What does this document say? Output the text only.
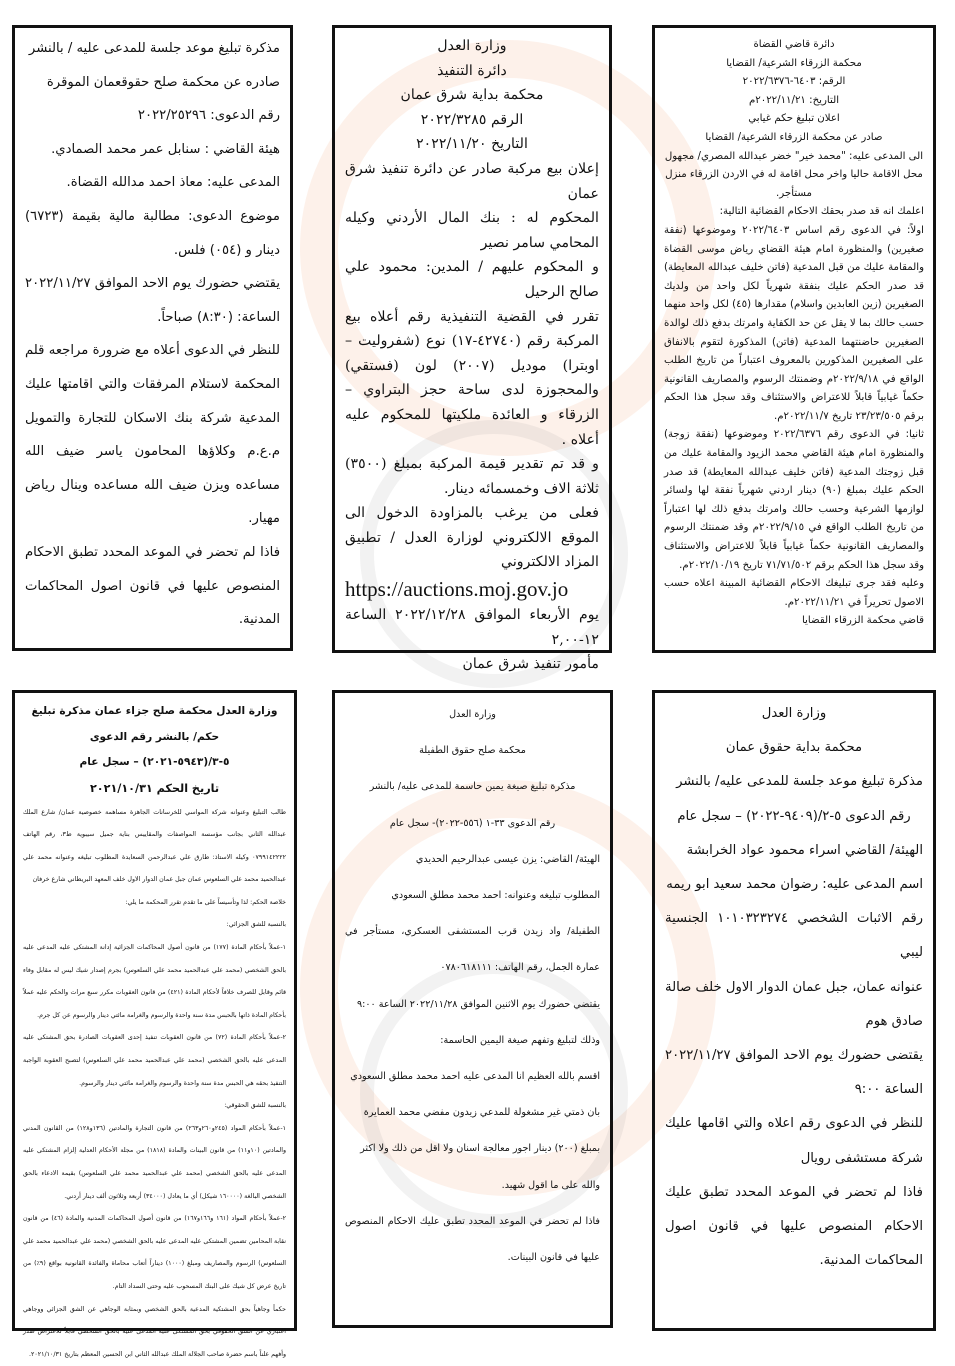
دائرة قاضي القضاة

محكمة الزرقاء الشرعية/ القضايا

الرقم: ٦٤٠٣-٢٠٢٢/٦٣٧٦

التاريخ: ٢٠٢٢/١١/٢١م

اعلان تبليغ حكم غيابي

صادر عن محكمة الزرقاء الشرعية/ القضايا

الى المدعى عليه: "محمد خير" خضر عبدالله المصري/ مجهول محل الاقامة حاليا واخر محل اقامة له في الاردن الزرقاء منزل مستأجر.

اعلمك انه قد صدر بحقك الاحكام القضائية التالية:

اولاً: في الدعوى رقم اساس ٢٠٢٢/٦٤٠٣ وموضوعها (نفقة صغيرين) والمنظورة امام هيئة القضاي رياض موسى القضاة والمقامة عليك من قبل المدعية (فاتن خليف عبدالله المعايطة) قد صدر الحكم عليك بنفقة شهرياً لكل واحد من ولديك الصغيرين (زين العابدين واسلام) مقدارها (٤٥) لكل واحد منهما حسب حالك بما لا يقل عن حد الكفاية وامرتك بدفع ذلك لوالدة الصغيرين حاضنتهما المدعية (فاتن) المذكورة لتقوم بالانفاق على الصغيرين المذكورين بالمعروف اعتباراً من تاريخ الطلب الواقع في ٢٠٢٢/٩/١٨م وضمنتك الرسوم والمصاريف القانونية حكماً غيابياً قابلاً للاعتراض والاستئناف وقد سجل هذا الحكم برقم ٢٣/٢٣/٥٠٥ تاريخ ٢٠٢٢/١١/٧م.

ثانيا: في الدعوى رقم ٢٠٢٢/٦٣٧٦ وموضوعها (نفقة زوجة) والمنظورة امام هيئة القاضي محمد الزيود والمقامة عليك من قبل زوجتك المدعية (فاتن خليف عبدالله المعايطة) قد صدر الحكم عليك بمبلغ (٩٠) دينار اردني شهرياً نفقة لها ولسائر لوازمها الشرعية وحسب حالك وامرتك بدفع ذلك لها اعتباراً من تاريخ الطلب الواقع في ٢٠٢٢/٩/١٥م وقد ضمنتك الرسوم والمصاريف القانونية حكماً غيابياً قابلاً للاعتراض والاستئناف وقد سجل هذا الحكم برقم ٧١/٧١/٥٠٢ تاريخ ٢٠٢٢/١٠/١٩م.

وعليه فقد جرى تبليغك الاحكام القضائية المبينة اعلاه حسب الاصول تحريراً في ٢٠٢٢/١١/٢١م.

قاضي محكمة الزرقاء القضايا

وزارة العدل

دائرة التنفيذ

محكمة بداية شرق عمان

الرقم ٢٠٢٢/٣٢٨٥

التاريخ ٢٠٢٢/١١/٢٠

إعلان بيع مركبة صادر عن دائرة تنفيذ شرق عمان

المحكوم له : بنك المال الأردني وكيله المحامي سامر نصير

و المحكوم عليهم / المدين: محمود علي صالح الرحيل

تقرر في القضية التنفيذية رقم أعلاه بيع المركبة رقم (٤٢٧٤٠-١٧) نوع (شفروليت – اوبترا) موديل (٢٠٠٧) لون (فستقي) والمحجوزة لدى ساحة حجز البتراوي – الزرقاء و العائدة ملكيتها للمحكوم عليه أعلاه .

و قد تم تقدير قيمة المركبة بمبلغ (٣٥٠٠) ثلاثة الاف وخمسمائه دينار.

فعلى من يرغب بالمزاودة الدخول الى الموقع الالكتروني لوزارة العدل / تطبيق المزاد الالكتروني

https://auctions.moj.gov.jo

يوم الأربعاء الموافق ٢٠٢٢/١٢/٢٨ الساعة ١٢-٢,٠٠

مأمور تنفيذ شرق عمان

مذكرة تبليغ موعد جلسة للمدعى عليه / بالنشر

صادره عن محكمة صلح حقوقعمان الموقرة

رقم الدعوى: ٢٠٢٢/٢٥٢٩٦

هيئة القاضي : سنابل عمر محمد الصمادي.

المدعى عليه: معاذ احمد مدالله القضاة.

موضوع الدعوى: مطالبة مالية بقيمة (٦٧٢٣) دينار و (٠٥٤) فلس.

يقتضي حضورك يوم الاحد الموافق ٢٠٢٢/١١/٢٧ الساعة: (٨:٣٠) صباحاً.

للنظر في الدعوى أعلاه مع ضرورة مراجعه قلم المحكمة لاستلام المرفقات والتي اقامتها عليك المدعية شركة بنك الاسكان للتجارة والتمويل م.ع.م وكلاؤها المحامون ياسر ضيف الله مساعده ويزن ضيف الله مساعده وينال رياض مهيار.

فاذا لم تحضر في الموعد المحدد تطبق الاحكام المنصوص عليها في قانون اصول المحاكمات المدنية.

وزارة العدل

محكمة بداية حقوق عمان

مذكرة تبليغ موعد جلسة للمدعى عليه/ بالنشر

رقم الدعوى ٥-٢/(٩٤٠٩-٢٠٢٢) – سجل عام

الهيئة/ القاضي اسراء محمود عواد الخرابشة

اسم المدعى عليه: رضوان محمد سعيد ابو ريمه

رقم الاثبات الشخصي ١٠١٠٣٢٣٢٧٤ الجنسية ليبي

عنوانه عمان، جبل عمان الدوار الاول خلف صالة صادق هوم

يقتضى حضورك يوم الاحد الموافق ٢٠٢٢/١١/٢٧ الساعة ٩:٠٠

للنظر في الدعوى رقم اعلاه والتي اقامها عليك شركة مستشفى رويال

فاذا لم تحضر في الموعد المحدد تطبق عليك الاحكام المنصوص عليها في قانون اصول المحاكمات المدنية.

وزارة العدل

محكمة صلح حقوق الطفيلة

مذكرة تبليغ صيغة يمين حاسمة للمدعى عليه/ بالنشر

رقم الدعوى ٣٣-١ (٥٥٦-٢٠٢٢)- سجل عام

الهيئة/ القاضي: يزن عيسى عبدالرحيم الحديدي

المطلوب تبليغه وعنوانه: احمد محمد مطلق السعودي

الطفيلة/ واد زيدن قرب المستشفى العسكري، مستأجر في عمارة الجمل، رقم الهاتف: ٠٧٨٠٦١٨١١١

يقتضي حضورك يوم الاثنين الموافق ٢٠٢٢/١١/٢٨ الساعة ٩:٠٠

وذلك لتبليغ وتفهم صيغة اليمين الحاسمة:

اقسم بالله العظيم انا المدعى عليه احمد محمد مطلق السعودي

بان ذمتي غير مشغولة للمدعي زيدون مفضي محمد العمايرة

بمبلغ (٢٠٠) دينار اجور معالجة اسنان ولا اقل من ذلك ولا اكثر

والله على ما اقول شهيد.

فاذا لم تحضر في الموعد المحدد تطبق عليك الاحكام المنصوص عليها في قانون البينات.

وزارة العدل محكمة صلح جزاء عمان مذكرة تبليغ حكم/ بالنشر رقم الدعوى

٥-٣/(٥٩٤٣-٢٠٢١) – سجل عام

تاريخ الحكم ٢٠٢١/١٠/٣١

طالب التبليغ وعنوانه شركة المواسي للخرسانات الجاهزة مساهمة خصوصية عمان/ شارع الملك عبدالله الثاني بجانب مؤسسة المواصفات والمقاييس بناية جميل سيبوية ط٣، رقم الهاتف ٠٧٩٩١٤٢٢٢٢ وكيله الاستاذ: طارق علي عبدالرحمن السعايدة المطلوب تبليغه وعنوانه محمد علي عبدالحميد محمد علي السلعوس عمان جبل عمان الدوار الاول خلف المعهد البريطاني شارع خرفان

خلاصة الحكم: لذا وتأسيساً على ما تقدم تقرر المحكمة ما يلي:

بالنسبة للشق الجزائي:

١-عملاً بأحكام المادة (١٧٧) من قانون أصول المحاكمات الجزائية إدانة المشتكى عليه المدعى عليه بالحق الشخصي (محمد علي عبدالحميد محمد علي السلعوس) بجرم إصدار شيك ليس له مقابل وفاء قائم وقابل للصرف خلافاً لأحكام المادة (٤٢١) من قانون العقوبات مكرر سبع مرات والحكم عليه عملاً بأحكام المادة ذاتها بالحبس مدة سنة واحدة والرسوم والغرامة مائتي دينار والرسوم عن كل جرم.

٢-عملاً بأحكام المادة (٧٢) من قانون العقوبات تنفيذ إحدى العقوبات الصادرة بحق المشتكى عليه المدعى عليه بالحق الشخصي (محمد علي عبدالحميد محمد علي السلعوس) لتصبح العقوبة الواجبة التنفيذ بحقه هي الحبس مدة سنة واحدة والرسوم والغرامة مائتي دينار والرسوم.

بالنسبة للشق الحقوقي:

١-عملاً بأحكام المواد (٢٤٥و٢٦٠و٢٦٣) من قانون التجارة والمادتين (١٣٦و١٢٨) من القانون المدني والمادتين (١٠و١١) من قانون البينات والمادة (١٨١٨) من مجلة الأحكام العدلية إلزام المشتكى عليه المدعى عليه بالحق الشخصي (محمد علي عبدالحميد محمد علي السلعوس) بقيمة الادعاء بالحق الشخصي البالغة (١٦٠٠٠٠ شيكل) أي ما يعادل (٣٤٠٠٠) أربعة وثلاثون ألف دينار أردني.

٢-عملاً بأحكام المواد (١٦١ و١٦٦و١٦٧) من قانون أصول المحاكمات المدنية والمادة (٤٦) من قانون نقابة المحامين تضمين المشتكى عليه المدعى عليه بالحق الشخصي (محمد علي عبدالحميد محمد علي السلعوس) الرسوم والمصاريف ومبلغ (١٠٠٠) ديناراً أتعاب محاماة والفائدة القانونية بواقع (٩٪) من تاريخ عرض كل شيك على البنك المسحوب عليه وحتى السداد التام.

حكماً وجاهياً بحق المشتكية المدعية بالحق الشخصي وبمثابة الوجاهي عن الشق الجزائي ووجاهي اعتباري عن الشق الحقوقي بحق المشتكى عليه المدعى عليه بالحق الشخصي قابلاً للاعتراض صدر وأفهم علناً باسم حضرة صاحب الجلالة الملك عبدالله الثاني ابن الحسين المعظم بتاريخ ٢٠٢١/١٠/٣١.
